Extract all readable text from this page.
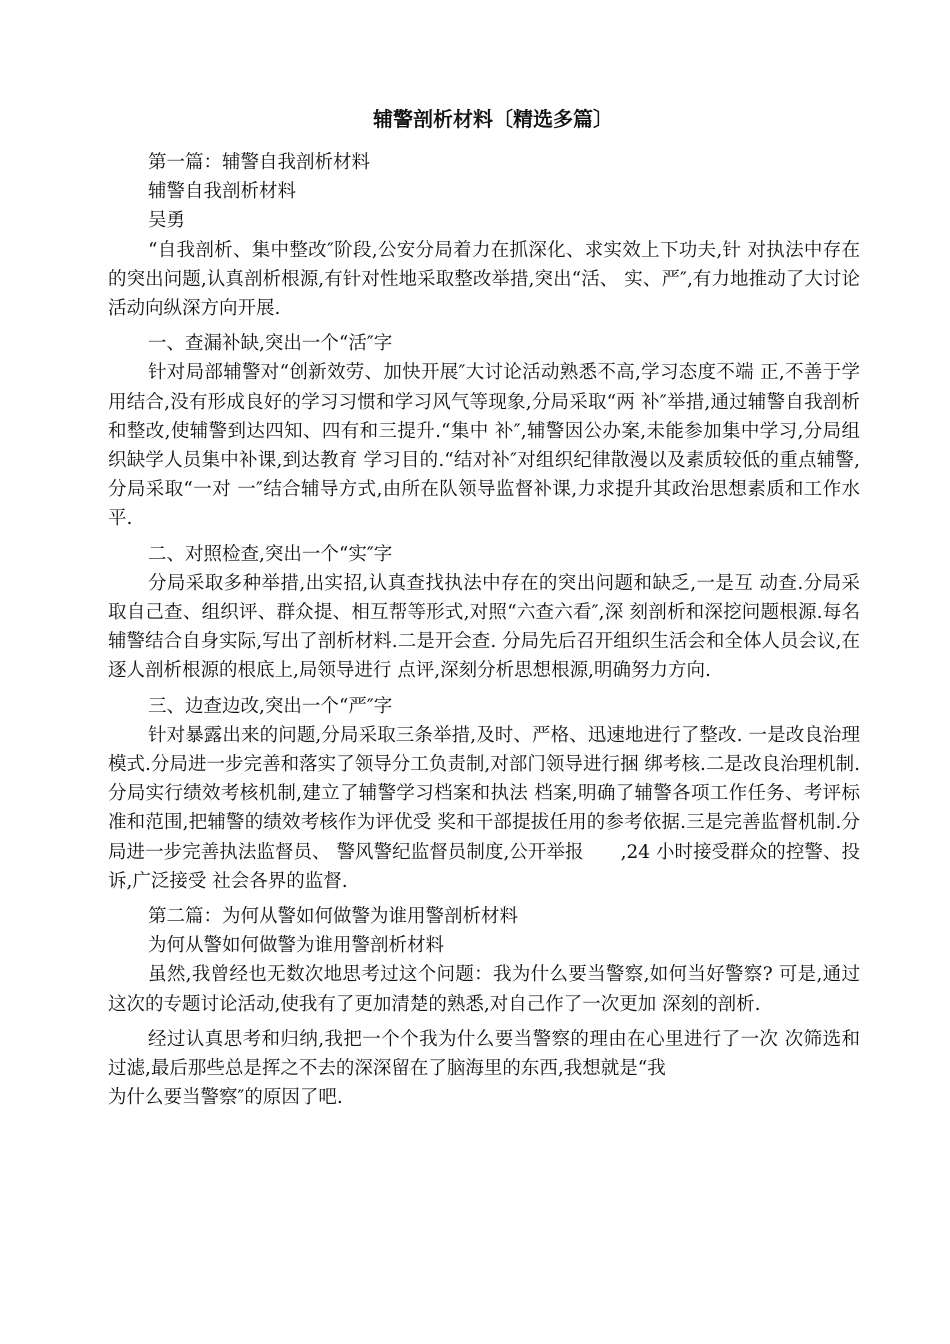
辅警剖析材料〔精选多篇〕

第一篇：辅警自我剖析材料

辅警自我剖析材料

吴勇

“自我剖析、集中整改″阶段,公安分局着力在抓深化、求实效上下功夫,针 对执法中存在的突出问题,认真剖析根源,有针对性地采取整改举措,突出“活、 实、严″,有力地推动了大讨论活动向纵深方向开展.

一、查漏补缺,突出一个“活″字

针对局部辅警对“创新效劳、加快开展″大讨论活动熟悉不高,学习态度不端 正,不善于学用结合,没有形成良好的学习习惯和学习风气等现象,分局采取“两 补″举措,通过辅警自我剖析和整改,使辅警到达四知、四有和三提升.“集中 补″,辅警因公办案,未能参加集中学习,分局组织缺学人员集中补课,到达教育 学习目的.“结对补″对组织纪律散漫以及素质较低的重点辅警,分局采取“一对 一″结合辅导方式,由所在队领导监督补课,力求提升其政治思想素质和工作水平.

二、对照检查,突出一个“实″字

分局采取多种举措,出实招,认真查找执法中存在的突出问题和缺乏,一是互 动查.分局采取自己查、组织评、群众提、相互帮等形式,对照“六查六看″,深 刻剖析和深挖问题根源.每名辅警结合自身实际,写出了剖析材料.二是开会查. 分局先后召开组织生活会和全体人员会议,在逐人剖析根源的根底上,局领导进行 点评,深刻分析思想根源,明确努力方向.

三、边查边改,突出一个“严″字

针对暴露出来的问题,分局采取三条举措,及时、严格、迅速地进行了整改. 一是改良治理模式.分局进一步完善和落实了领导分工负责制,对部门领导进行捆 绑考核.二是改良治理机制.分局实行绩效考核机制,建立了辅警学习档案和执法 档案,明确了辅警各项工作任务、考评标准和范围,把辅警的绩效考核作为评优受 奖和干部提拔任用的参考依据.三是完善监督机制.分局进一步完善执法监督员、 警风警纪监督员制度,公开举报　　,24 小时接受群众的控警、投诉,广泛接受 社会各界的监督.

第二篇：为何从警如何做警为谁用警剖析材料

为何从警如何做警为谁用警剖析材料

虽然,我曾经也无数次地思考过这个问题：我为什么要当警察,如何当好警察? 可是,通过这次的专题讨论活动,使我有了更加清楚的熟悉,对自己作了一次更加 深刻的剖析.

经过认真思考和归纳,我把一个个我为什么要当警察的理由在心里进行了一次 次筛选和过滤,最后那些总是挥之不去的深深留在了脑海里的东西,我想就是“我

为什么要当警察″的原因了吧.
